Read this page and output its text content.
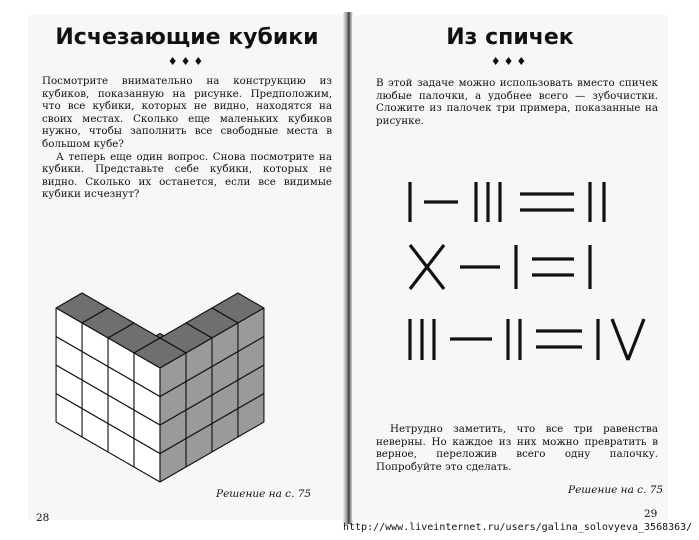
Исчезающие кубики
♦♦♦

Посмотрите внимательно на конструкцию из кубиков, показанную на рисунке. Предположим, что все кубики, которых не видно, находятся на своих местах. Сколько еще маленьких кубиков нужно, чтобы заполнить все свободные места в большом кубе?

А теперь еще один вопрос. Снова посмотрите на кубики. Представьте себе кубики, которых не видно. Сколько их останется, если все видимые кубики исчезнут?

Решение на с. 75
28
Из спичек
♦♦♦

В этой задаче можно использовать вместо спичек любые палочки, а удобнее всего — зубочистки. Сложите из палочек три примера, показанные на рисунке.

Нетрудно заметить, что все три равенства неверны. Но каждое из них можно превратить в верное, переложив всего одну палочку. Попробуйте это сделать.

Решение на с. 75
29
http://www.liveinternet.ru/users/galina_solovyeva_3568363/
